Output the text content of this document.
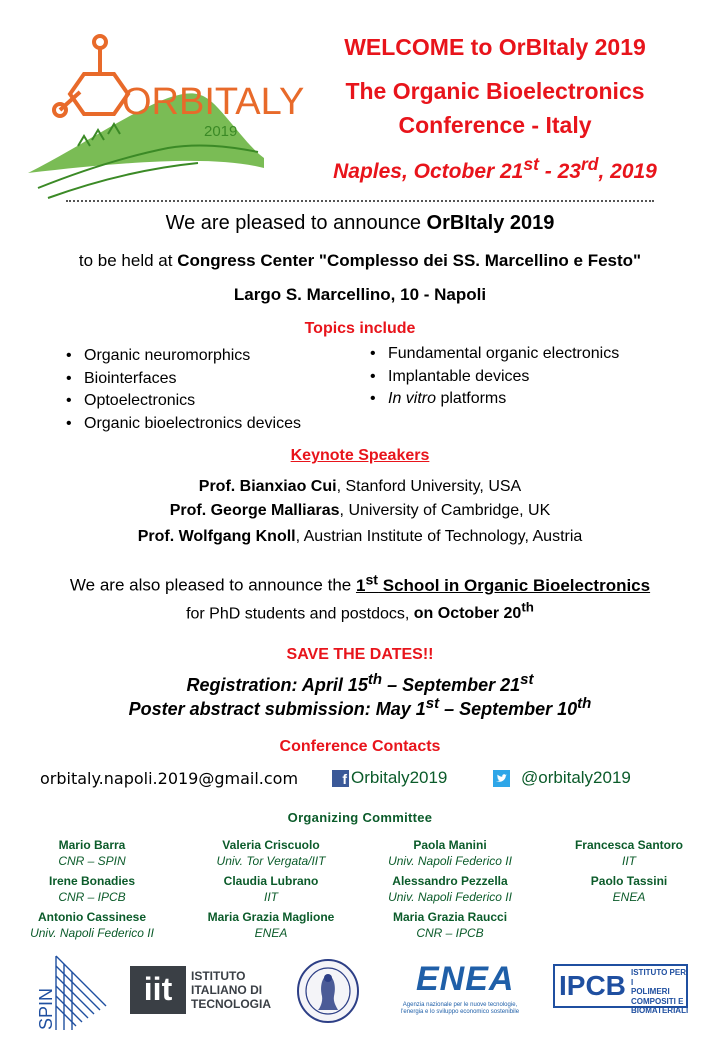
ORBITALY
2019
WELCOME to OrBItaly 2019
The Organic Bioelectronics
Conference - Italy
Naples, October 21st - 23rd, 2019
We are pleased to announce OrBItaly 2019
to be held at Congress Center "Complesso dei SS. Marcellino e Festo"
Largo S. Marcellino, 10 - Napoli
Topics include
• Organic neuromorphics
• Biointerfaces
• Optoelectronics
• Organic bioelectronics devices
• Fundamental organic electronics
• Implantable devices
• In vitro platforms
Keynote Speakers
Prof. Bianxiao Cui, Stanford University, USA
Prof. George Malliaras, University of Cambridge, UK
Prof. Wolfgang Knoll, Austrian Institute of Technology, Austria
We are also pleased to announce the 1st School in Organic Bioelectronics
for PhD students and postdocs, on October 20th
SAVE THE DATES!!
Registration: April 15th – September 21st
Poster abstract submission: May 1st – September 10th
Conference Contacts
orbitaly.napoli.2019@gmail.com	f Orbitaly2019	@orbitaly2019
Organizing Committee
Mario Barra
CNR – SPIN
Valeria Criscuolo
Univ. Tor Vergata/IIT
Paola Manini
Univ. Napoli Federico II
Francesca Santoro
IIT
Irene Bonadies
CNR – IPCB
Claudia Lubrano
IIT
Alessandro Pezzella
Univ. Napoli Federico II
Paolo Tassini
ENEA
Antonio Cassinese
Univ. Napoli Federico II
Maria Grazia Maglione
ENEA
Maria Grazia Raucci
CNR – IPCB
SPIN	iit	ISTITUTO
ITALIANO DI
TECNOLOGIA
ENEA
Agenzia nazionale per le nuove tecnologie,
l'energia e lo sviluppo economico sostenibile
IPCB ISTITUTO PER I
POLIMERI
COMPOSITI E
BIOMATERIALI
